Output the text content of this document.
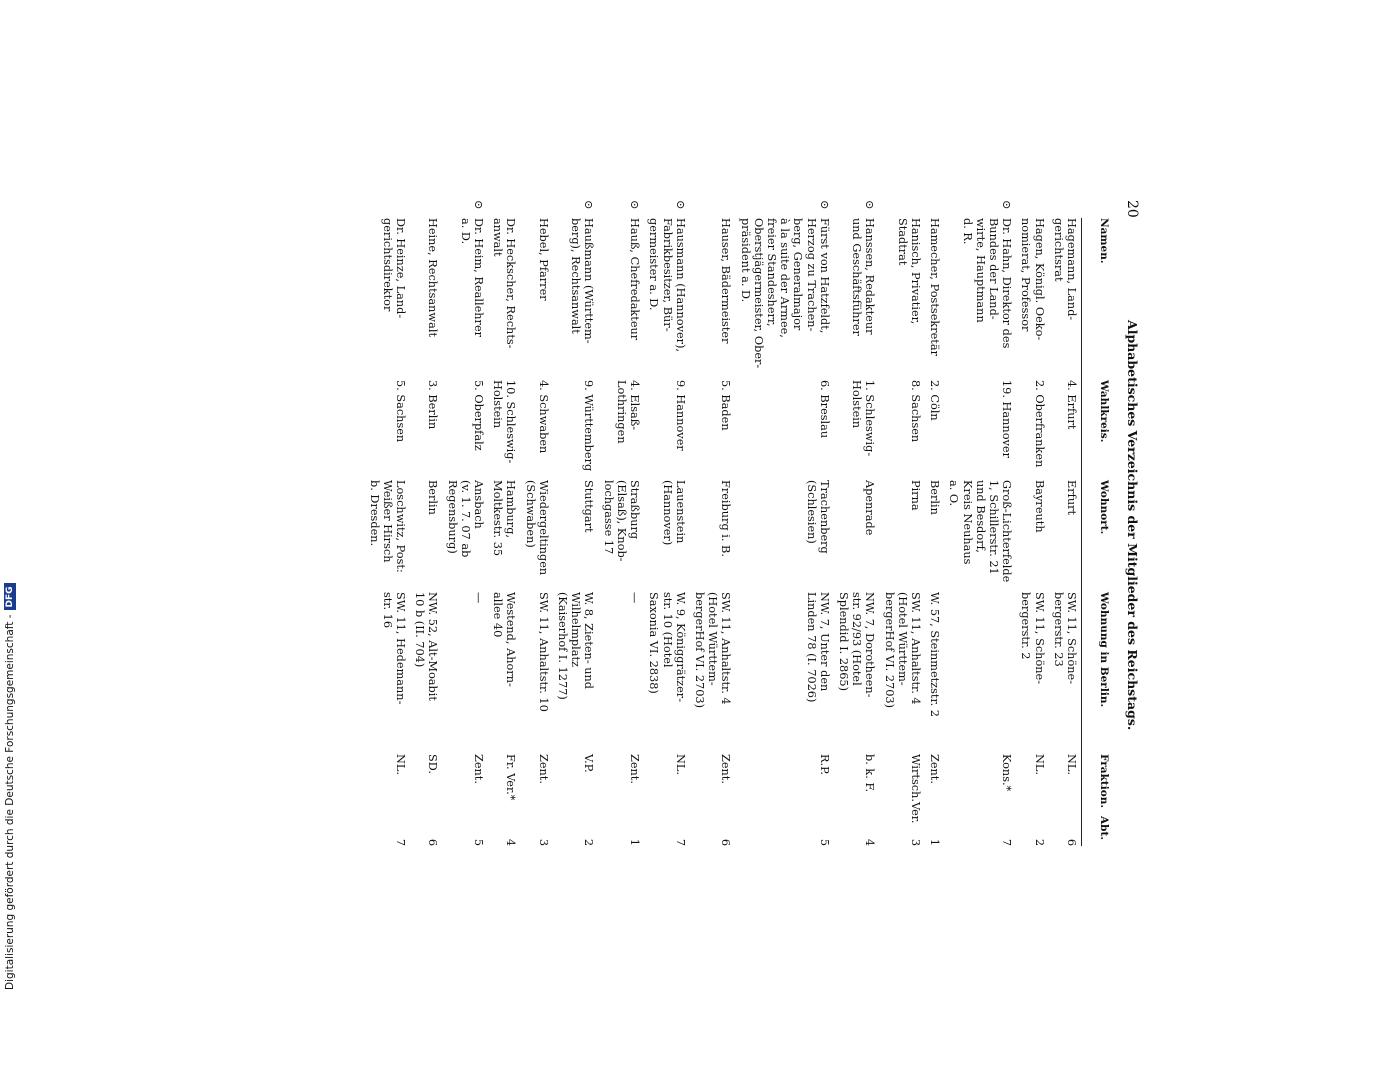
20
Alphabetisches Verzeichnis der Mitglieder des Reichstags.
Namen.
Wahlkreis.
Wohnort.
Wohnung in Berlin.
Fraktion.
Abt.
Hagemann, Land-
gerichtsrat
4. Erfurt
Erfurt
SW. 11, Schöne-
bergerstr. 23
NL.
6
Hagen, Königl. Oeko-
nomierat, Professor
2. Oberfranken
Bayreuth
SW. 11, Schöne-
bergerstr. 2
NL.
2
⊙
Dr. Hahn, Direktor des
Bundes der Land-
wirte, Hauptmann
d. R.
19. Hannover
Groß-Lichterfelde
1, Schillerstr. 21
und Besdorf,
Kreis Neuhaus
a. O.
Kons.*
7
Hamecher, Postsekretär
2. Cöln
Berlin
W. 57, Steinmetzstr. 2
Zent.
1
Hanisch, Privatier,
Stadtrat
8. Sachsen
Pirna
SW. 11, Anhaltstr. 4
(Hotel Württem-
bergerHof VI. 2703)
Wirtsch.Ver.
3
⊙
Hanssen, Redakteur
und Geschäftsführer
1. Schleswig-
Holstein
Apenrade
NW. 7, Dorotheen-
str. 92/93 (Hotel
Splendid I. 2865)
b. k. F.
4
⊙
Fürst von Hatzfeldt,
Herzog zu Trachen-
berg, Generalmajor
à la suite der Armee,
freier Standesherr,
Oberstjägermeister, Ober-
präsident a. D.
6. Breslau
Trachenberg
(Schlesien)
NW. 7, Unter den
Linden 78 (I. 7026)
R.P.
5
Hauser, Bädermeister
5. Baden
Freiburg i. B.
SW. 11, Anhaltstr. 4
(Hotel Württem-
bergerHof VI. 2703)
Zent.
6
⊙
Hausmann (Hannover),
Fabrikbesitzer, Bür-
germeister a. D.
9. Hannover
Lauenstein
(Hannover)
W. 9, Königgrätzer-
str. 10 (Hotel
Saxonia VI. 2838)
NL.
7
⊙
Hauß, Chefredakteur
4. Elsaß-Lothringen
Straßburg
(Elsaß), Knob-
lochgasse 17
—
Zent.
1
⊙
Haußmann (Württem-
berg), Rechtsanwalt
9. Württemberg
Stuttgart
W. 8, Zieten- und
Wilhelmplatz
(Kaiserhof I. 1277)
V.P.
2
Hebel, Pfarrer
4. Schwaben
Wiedergeltingen
(Schwaben)
SW. 11, Anhaltstr. 10
Zent.
3
Dr. Heckscher, Rechts-
anwalt
10. Schleswig-
Holstein
Hamburg,
Moltkestr. 35
Westend, Ahorn-
allee 40
Fr. Ver.*
4
⊙
Dr. Heim, Reallehrer
a. D.
5. Oberpfalz
Ansbach
(v. 1. 7. 07 ab
Regensburg)
—
Zent.
5
Heine, Rechtsanwalt
3. Berlin
Berlin
NW. 52, Alt-Moabit
10 b (II. 704)
SD.
6
Dr. Heinze, Land-
gerichtsdirektor
5. Sachsen
Loschwitz, Post:
Weißer Hirsch
b. Dresden.
SW. 11, Hedemann-
str. 16
NL.
7
Digitalisierung gefördert durch die Deutsche Forschungsgemeinschaft -
DFG
